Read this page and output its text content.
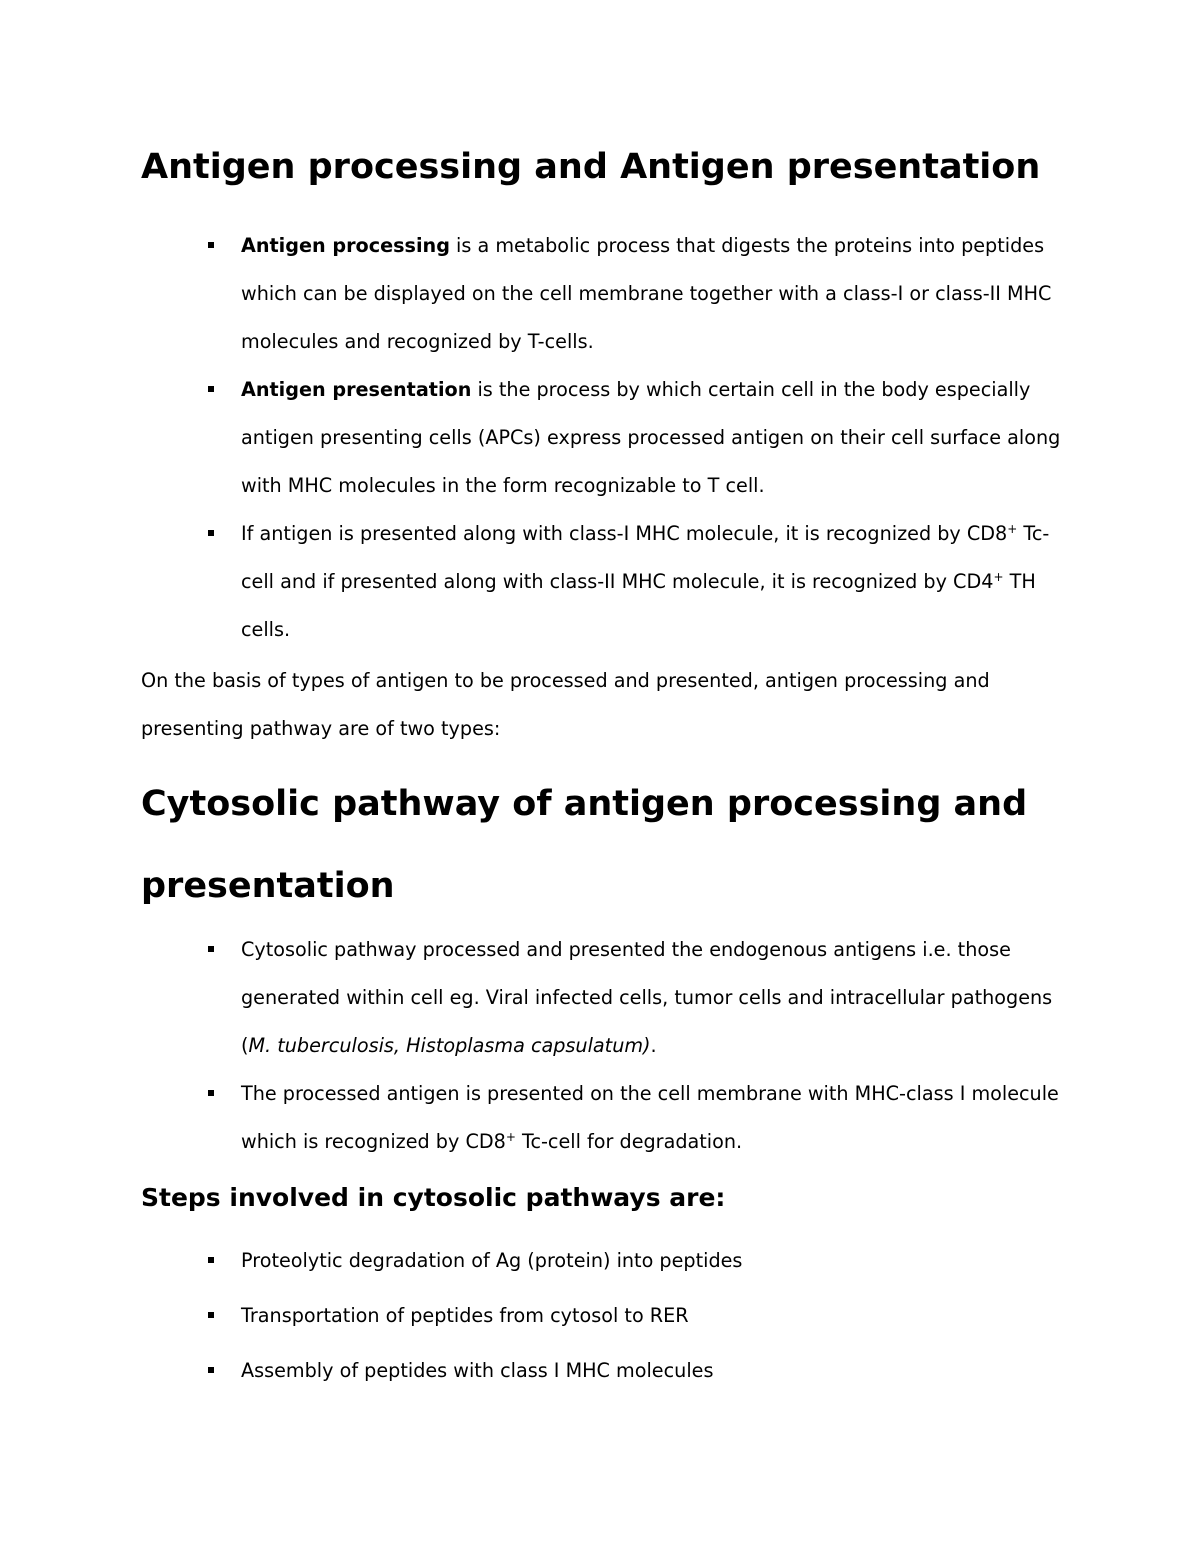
Antigen processing and Antigen presentation
Antigen processing is a metabolic process that digests the proteins into peptides which can be displayed on the cell membrane together with a class-I or class-II MHC molecules and recognized by T-cells.
Antigen presentation is the process by which certain cell in the body especially antigen presenting cells (APCs) express processed antigen on their cell surface along with MHC molecules in the form recognizable to T cell.
If antigen is presented along with class-I MHC molecule, it is recognized by CD8+ Tc-cell and if presented along with class-II MHC molecule, it is recognized by CD4+ TH cells.

On the basis of types of antigen to be processed and presented, antigen processing and presenting pathway are of two types:

Cytosolic pathway of antigen processing and presentation
Cytosolic pathway processed and presented the endogenous antigens i.e. those generated within cell eg. Viral infected cells, tumor cells and intracellular pathogens (M. tuberculosis, Histoplasma capsulatum).
The processed antigen is presented on the cell membrane with MHC-class I molecule which is recognized by CD8+ Tc-cell for degradation.
Steps involved in cytosolic pathways are:
Proteolytic degradation of Ag (protein) into peptides
Transportation of peptides from cytosol to RER
Assembly of peptides with class I MHC molecules
